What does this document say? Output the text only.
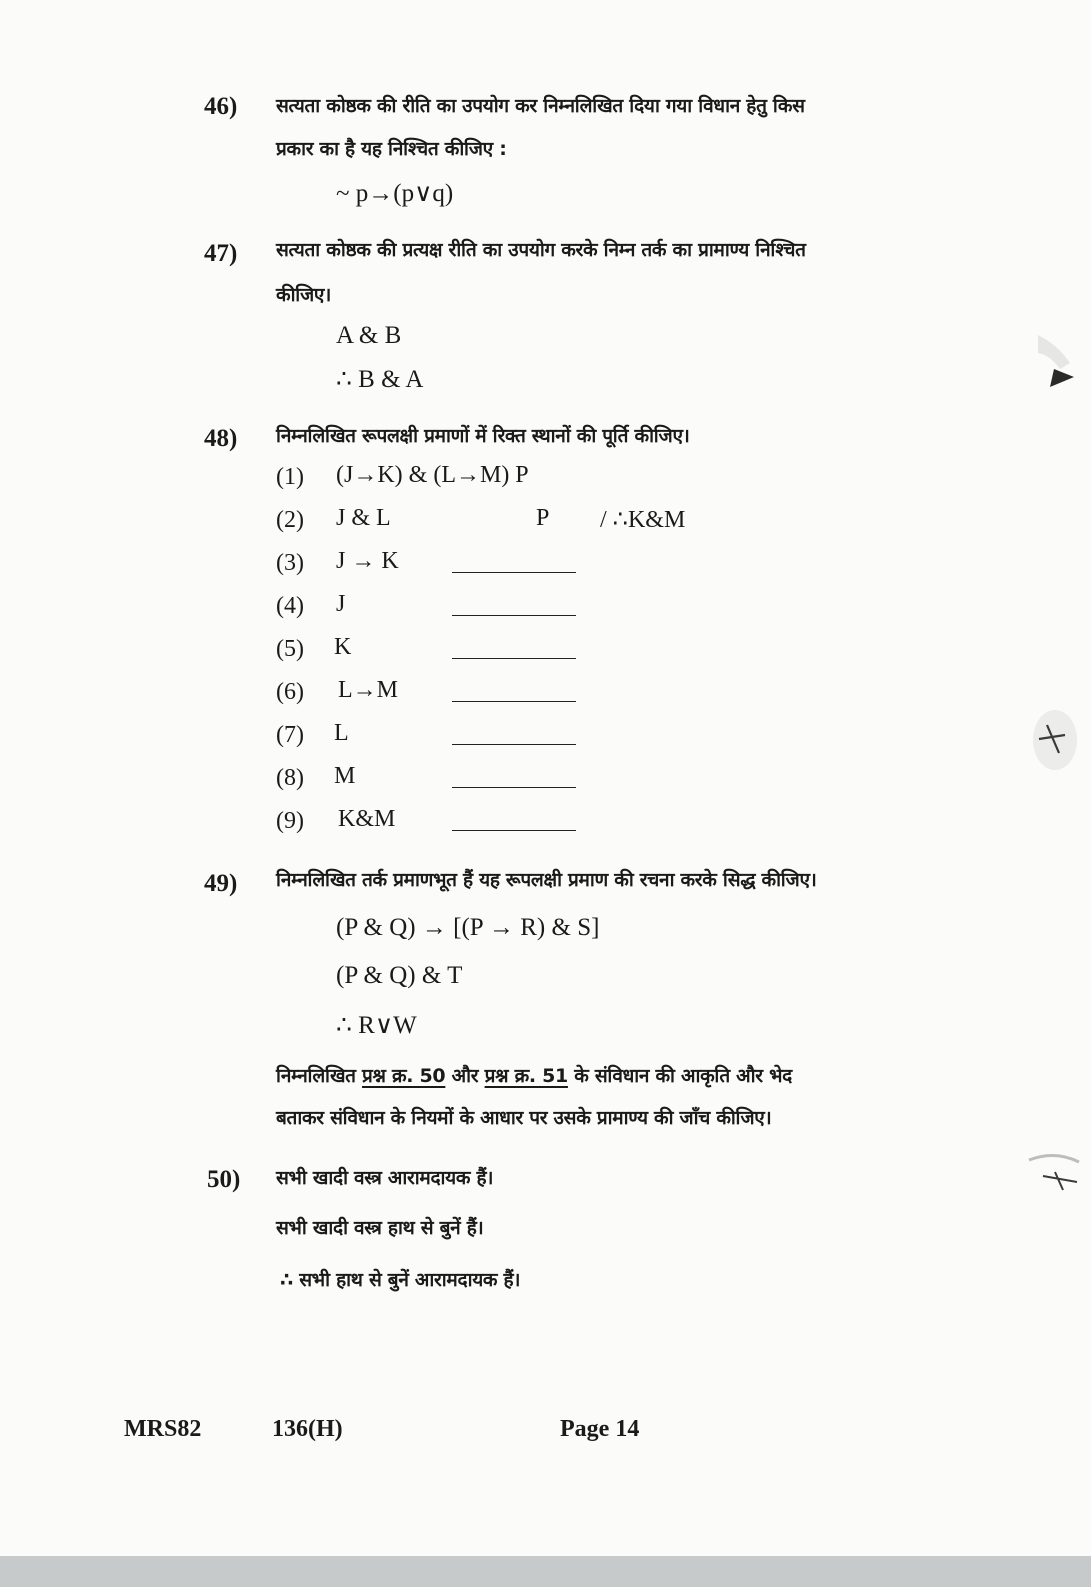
46) सत्यता कोष्ठक की रीति का उपयोग कर निम्नलिखित दिया गया विधान हेतु किस
प्रकार का है यह निश्चित कीजिए :
~ p→(p∨q)
47) सत्यता कोष्ठक की प्रत्यक्ष रीति का उपयोग करके निम्न तर्क का प्रामाण्य निश्चित
कीजिए।
A & B
∴ B & A
48) निम्नलिखित रूपलक्षी प्रमाणों में रिक्त स्थानों की पूर्ति कीजिए।
(1) (J→K) & (L→M) P
(2) J & L	P / ∴K&M
(3) J → K
(4) J
(5) K
(6) L→M
(7) L
(8) M
(9) K&M
49) निम्नलिखित तर्क प्रमाणभूत हैं यह रूपलक्षी प्रमाण की रचना करके सिद्ध कीजिए।
(P & Q) → [(P → R) & S]
(P & Q) & T
∴ R∨W
निम्नलिखित प्रश्न क्र. 50 और प्रश्न क्र. 51 के संविधान की आकृति और भेद
बताकर संविधान के नियमों के आधार पर उसके प्रामाण्य की जाँच कीजिए।
50) सभी खादी वस्त्र आरामदायक हैं।
सभी खादी वस्त्र हाथ से बुनें हैं।
∴ सभी हाथ से बुनें आरामदायक हैं।
MRS82	136(H)	Page 14
